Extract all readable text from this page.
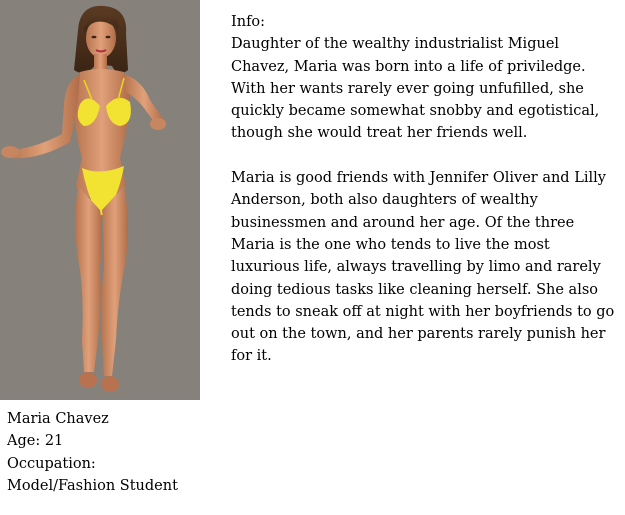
Maria Chavez
Age: 21
Occupation:
Model/Fashion Student

Info:

Daughter of the wealthy industrialist Miguel Chavez, Maria was born into a life of priviledge. With her wants rarely ever going unfufilled, she quickly became somewhat snobby and egotistical, though she would treat her friends well.

Maria is good friends with Jennifer Oliver and Lilly Anderson, both also daughters of wealthy businessmen and around her age. Of the three Maria is the one who tends to live the most luxurious life, always travelling by limo and rarely doing tedious tasks like cleaning herself. She also tends to sneak off at night with her boyfriends to go out on the town, and her parents rarely punish her for it.
